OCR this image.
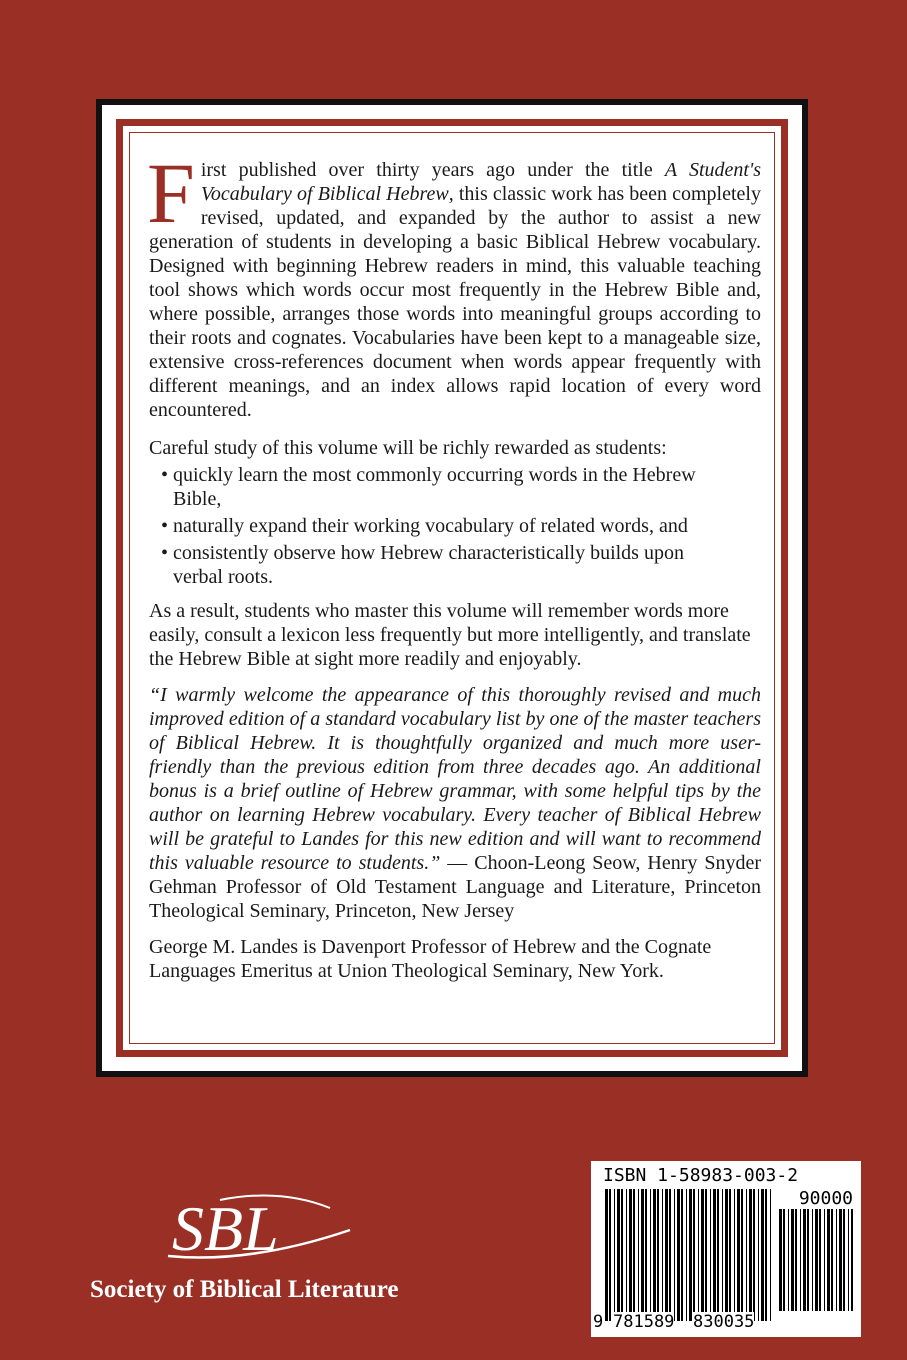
First published over thirty years ago under the title A Student's Vocabulary of Biblical Hebrew, this classic work has been completely revised, updated, and expanded by the author to assist a new generation of students in developing a basic Biblical Hebrew vocabulary. Designed with beginning Hebrew readers in mind, this valuable teaching tool shows which words occur most frequently in the Hebrew Bible and, where possible, arranges those words into meaningful groups according to their roots and cognates. Vocabularies have been kept to a manageable size, extensive cross-references document when words appear frequently with different meanings, and an index allows rapid location of every word encountered.

Careful study of this volume will be richly rewarded as students:

• quickly learn the most commonly occurring words in the Hebrew Bible,
• naturally expand their working vocabulary of related words, and
• consistently observe how Hebrew characteristically builds upon verbal roots.

As a result, students who master this volume will remember words more easily, consult a lexicon less frequently but more intelligently, and translate the Hebrew Bible at sight more readily and enjoyably.

“I warmly welcome the appearance of this thoroughly revised and much improved edition of a standard vocabulary list by one of the master teachers of Biblical Hebrew. It is thoughtfully organized and much more user-friendly than the previous edition from three decades ago. An additional bonus is a brief outline of Hebrew grammar, with some helpful tips by the author on learning Hebrew vocabulary. Every teacher of Biblical Hebrew will be grateful to Landes for this new edition and will want to recommend this valuable resource to students.” — Choon-Leong Seow, Henry Snyder Gehman Professor of Old Testament Language and Literature, Princeton Theological Seminary, Princeton, New Jersey

George M. Landes is Davenport Professor of Hebrew and the Cognate Languages Emeritus at Union Theological Seminary, New York.

SBL
Society of Biblical Literature
ISBN 1-58983-003-2
90000
9 781589 830035
